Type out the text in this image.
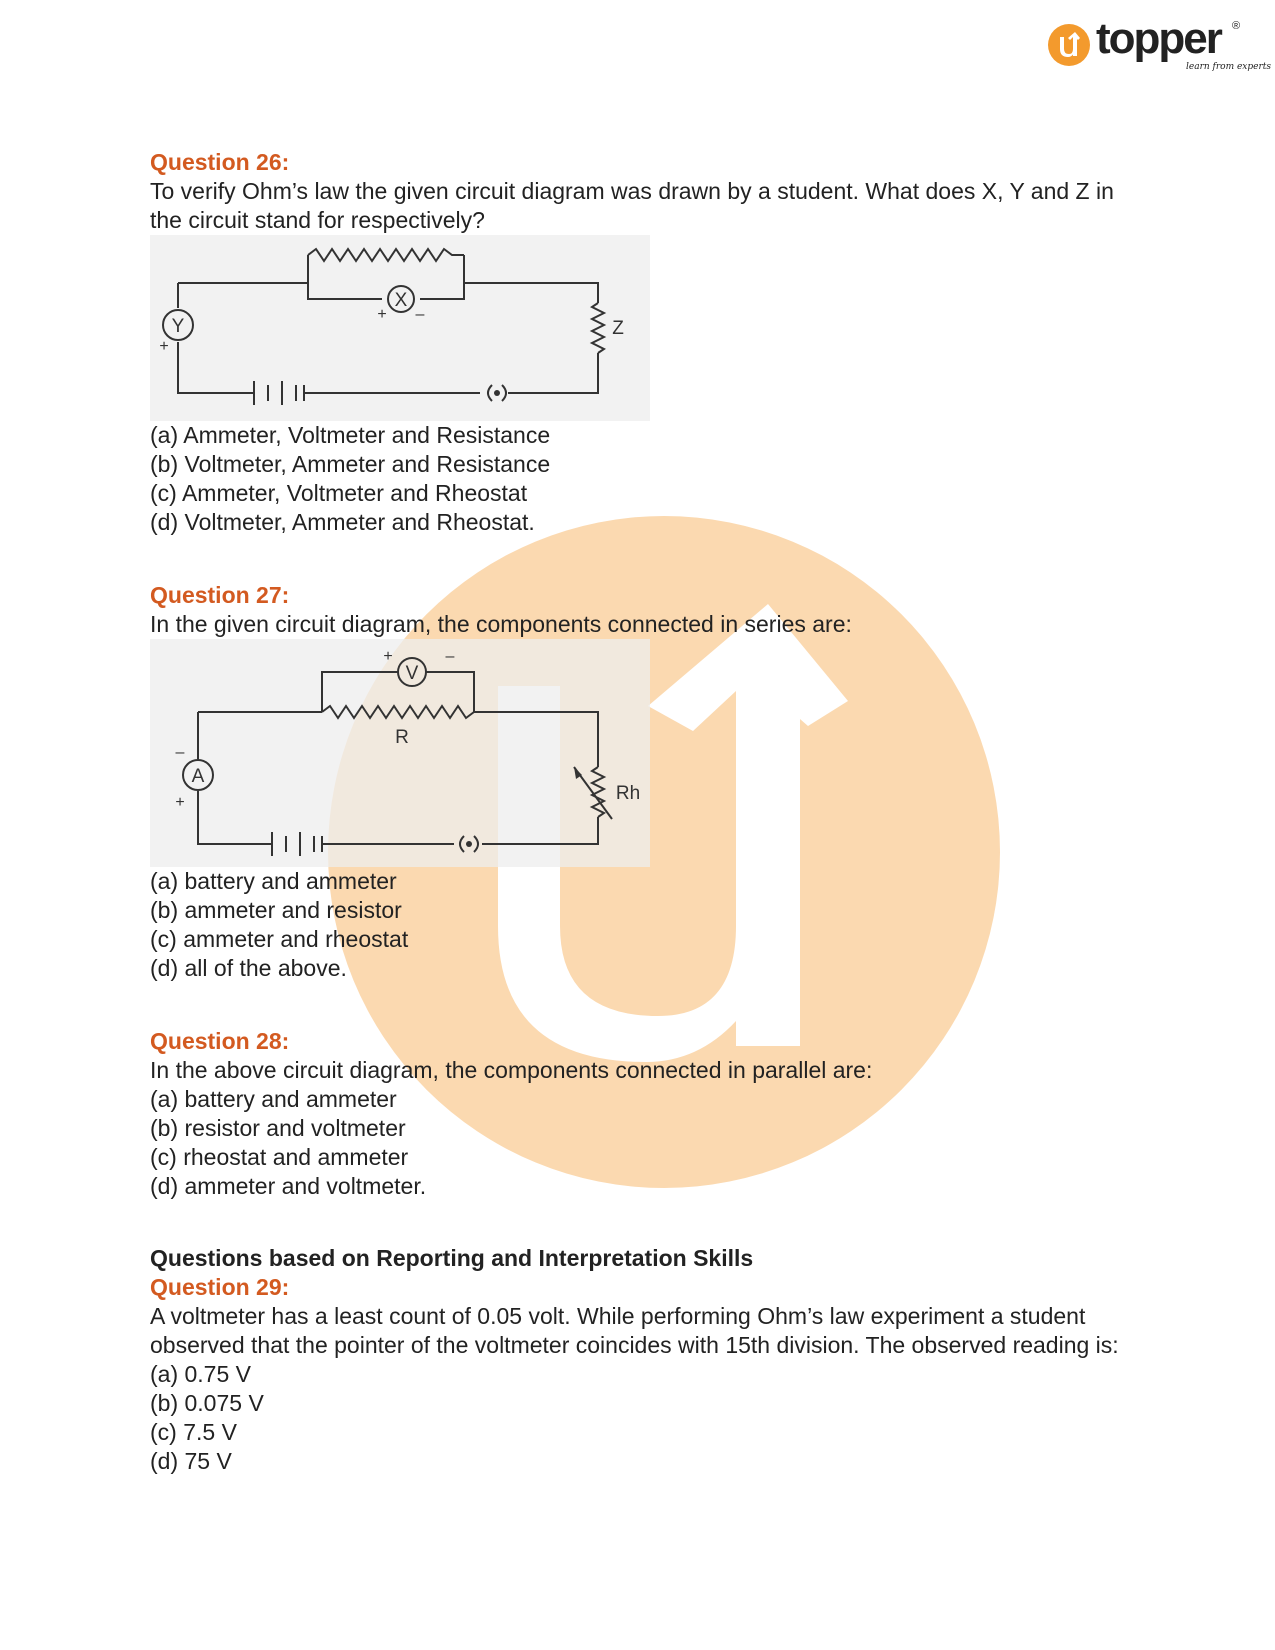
topper ®
learn from experts

Question 26:

To verify Ohm’s law the given circuit diagram was drawn by a student. What does X, Y and Z in the circuit stand for respectively?

X
Y	Z
+ –
+
(a) Ammeter, Voltmeter and Resistance
(b) Voltmeter, Ammeter and Resistance
(c) Ammeter, Voltmeter and Rheostat
(d) Voltmeter, Ammeter and Rheostat.

Question 27:

In the given circuit diagram, the components connected in series are:

V
R
A
Rh
+	–
–
+
(a) battery and ammeter
(b) ammeter and resistor
(c) ammeter and rheostat
(d) all of the above.

Question 28:

In the above circuit diagram, the components connected in parallel are:

(a) battery and ammeter
(b) resistor and voltmeter
(c) rheostat and ammeter
(d) ammeter and voltmeter.

Questions based on Reporting and Interpretation Skills

Question 29:

A voltmeter has a least count of 0.05 volt. While performing Ohm’s law experiment a student observed that the pointer of the voltmeter coincides with 15th division. The observed reading is:

(a) 0.75 V
(b) 0.075 V
(c) 7.5 V
(d) 75 V
